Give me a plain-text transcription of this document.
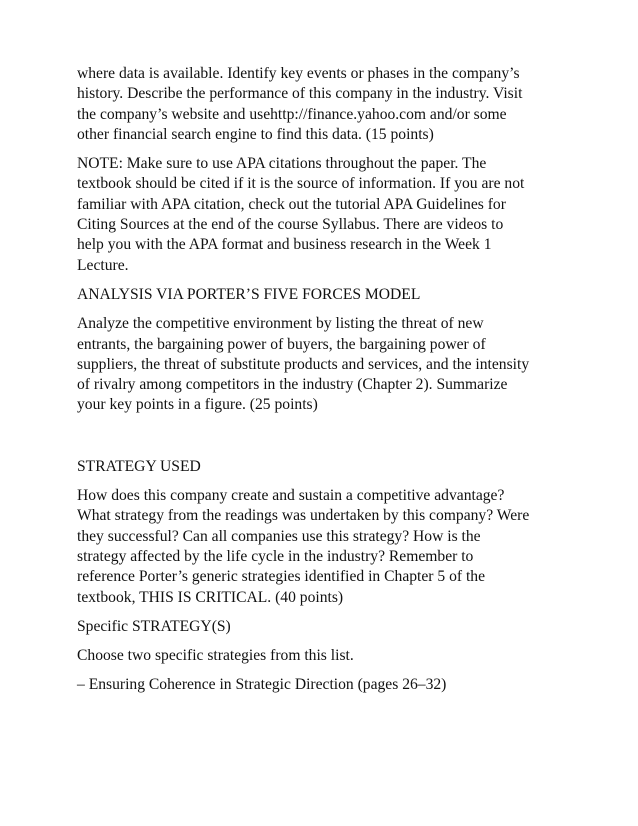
where data is available. Identify key events or phases in the company’s
history. Describe the performance of this company in the industry. Visit
the company’s website and usehttp://finance.yahoo.com and/or some
other financial search engine to find this data. (15 points)
NOTE: Make sure to use APA citations throughout the paper. The
textbook should be cited if it is the source of information. If you are not
familiar with APA citation, check out the tutorial APA Guidelines for
Citing Sources at the end of the course Syllabus. There are videos to
help you with the APA format and business research in the Week 1
Lecture.
ANALYSIS VIA PORTER’S FIVE FORCES MODEL
Analyze the competitive environment by listing the threat of new
entrants, the bargaining power of buyers, the bargaining power of
suppliers, the threat of substitute products and services, and the intensity
of rivalry among competitors in the industry (Chapter 2). Summarize
your key points in a figure. (25 points)
STRATEGY USED
How does this company create and sustain a competitive advantage?
What strategy from the readings was undertaken by this company? Were
they successful? Can all companies use this strategy? How is the
strategy affected by the life cycle in the industry? Remember to
reference Porter’s generic strategies identified in Chapter 5 of the
textbook, THIS IS CRITICAL. (40 points)
Specific STRATEGY(S)
Choose two specific strategies from this list.
– Ensuring Coherence in Strategic Direction (pages 26–32)
